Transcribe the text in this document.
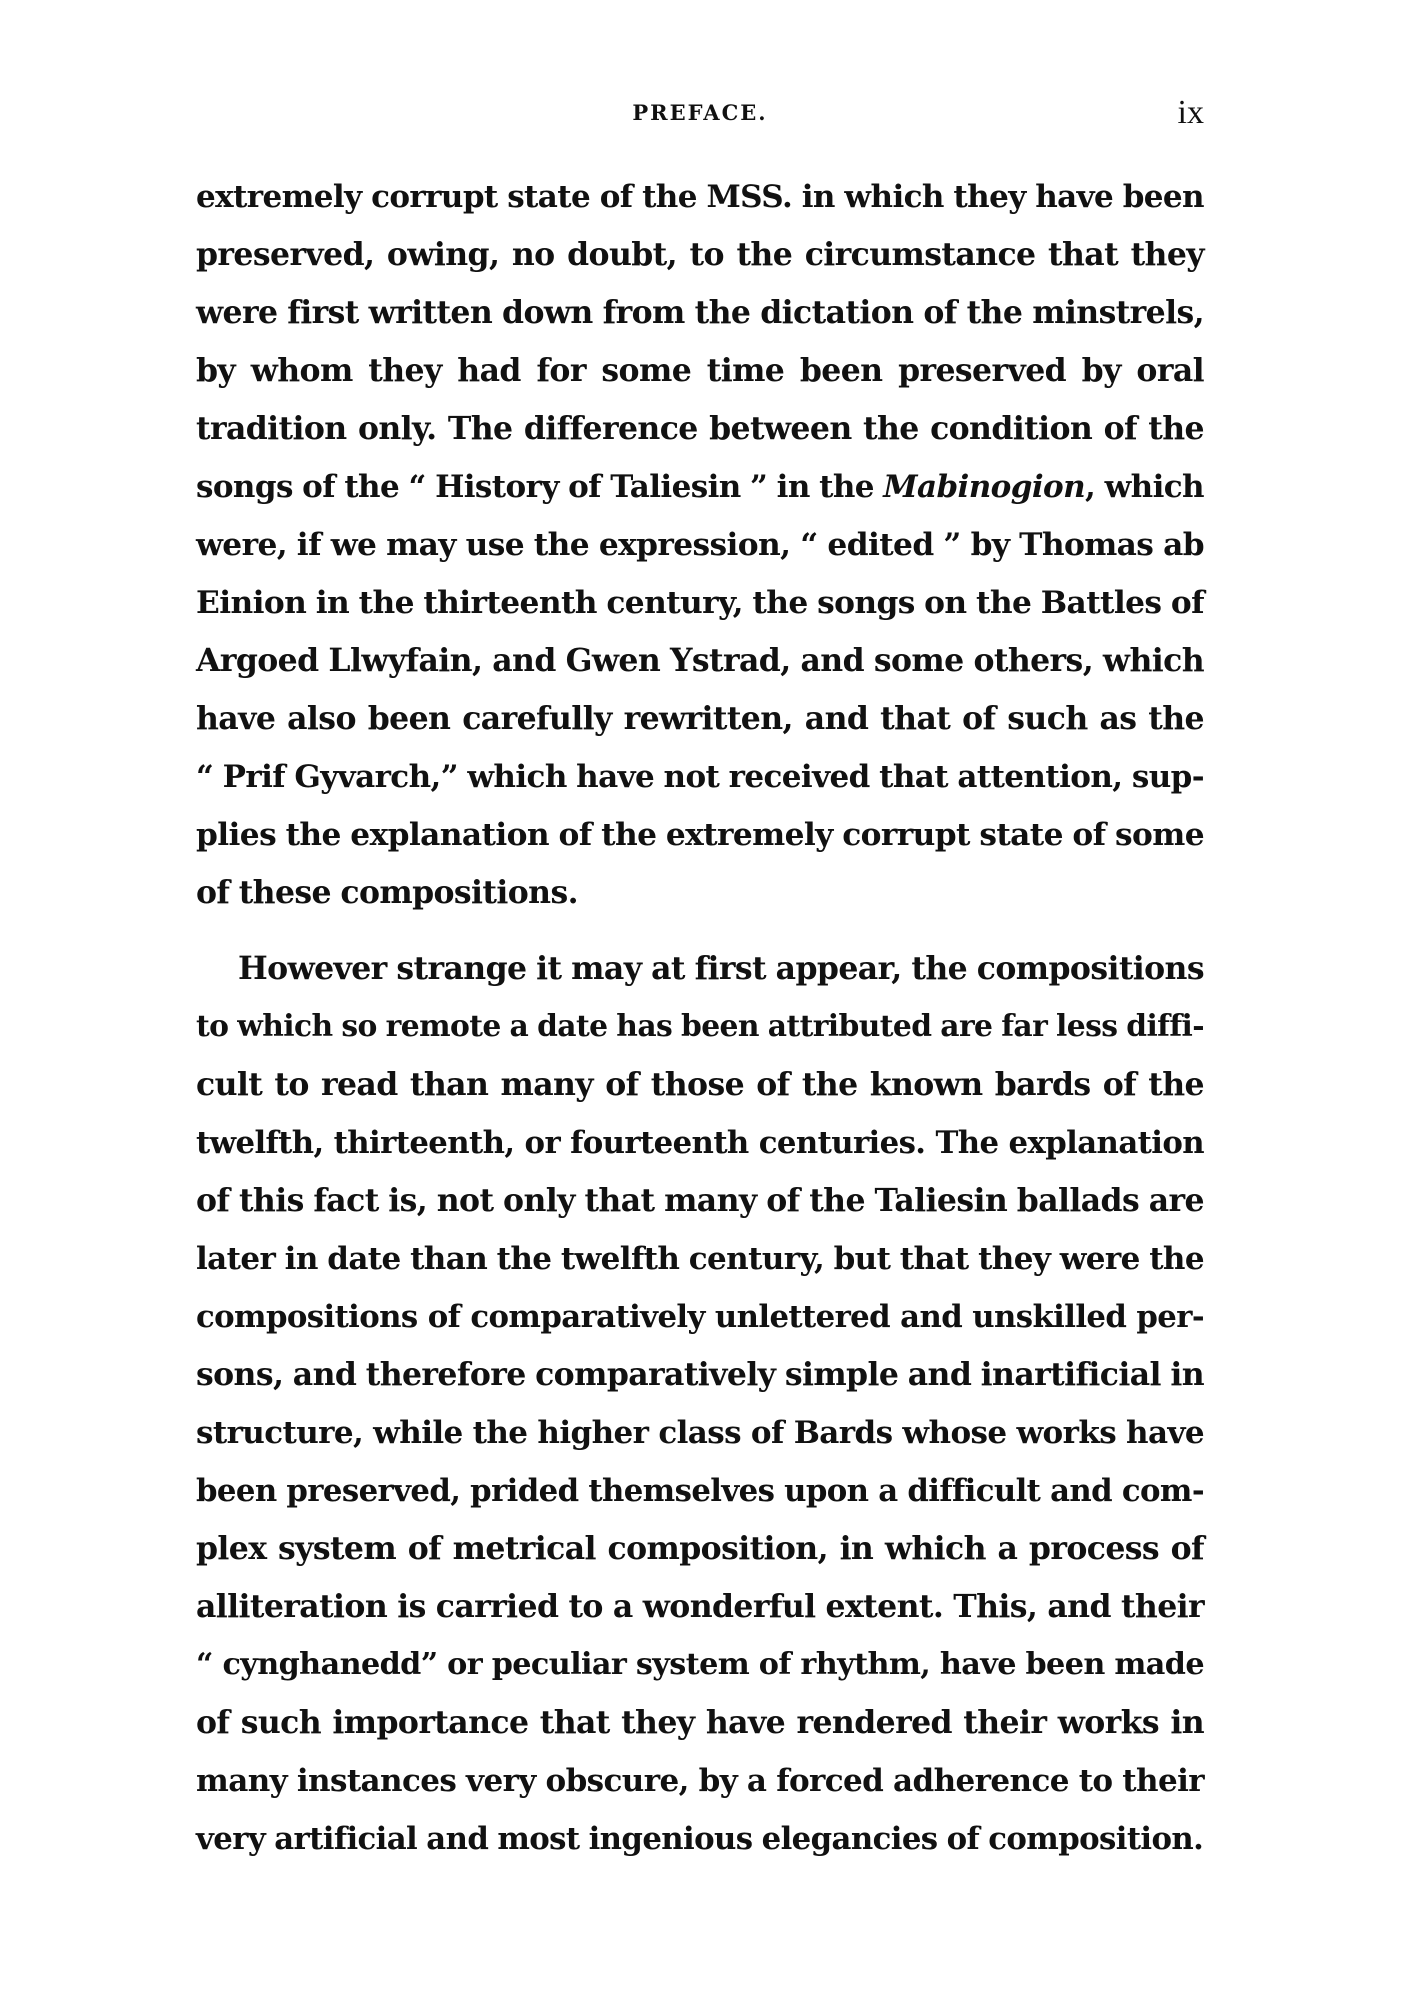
PREFACE.	ix
extremely corrupt state of the MSS. in which they have been
preserved, owing, no doubt, to the circumstance that they
were first written down from the dictation of the minstrels,
by whom they had for some time been preserved by oral
tradition only. The difference between the condition of the
songs of the “ History of Taliesin ” in the Mabinogion, which
were, if we may use the expression, “ edited ” by Thomas ab
Einion in the thirteenth century, the songs on the Battles of
Argoed Llwyfain, and Gwen Ystrad, and some others, which
have also been carefully rewritten, and that of such as the
“ Prif Gyvarch,” which have not received that attention, sup-
plies the explanation of the extremely corrupt state of some
of these compositions.
However strange it may at first appear, the compositions
to which so remote a date has been attributed are far less diffi-
cult to read than many of those of the known bards of the
twelfth, thirteenth, or fourteenth centuries. The explanation
of this fact is, not only that many of the Taliesin ballads are
later in date than the twelfth century, but that they were the
compositions of comparatively unlettered and unskilled per-
sons, and therefore comparatively simple and inartificial in
structure, while the higher class of Bards whose works have
been preserved, prided themselves upon a difficult and com-
plex system of metrical composition, in which a process of
alliteration is carried to a wonderful extent. This, and their
“ cynghanedd” or peculiar system of rhythm, have been made
of such importance that they have rendered their works in
many instances very obscure, by a forced adherence to their
very artificial and most ingenious elegancies of composition.
